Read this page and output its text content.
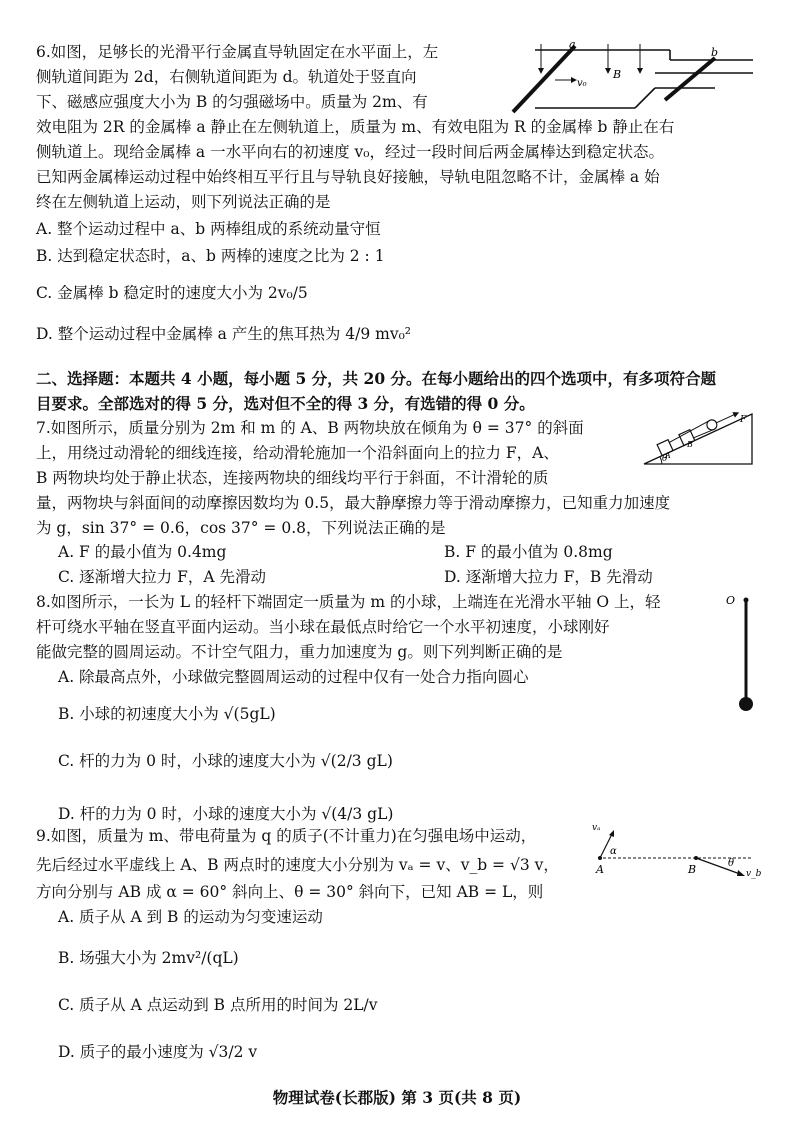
6.如图，足够长的光滑平行金属直导轨固定在水平面上，左
侧轨道间距为 2d，右侧轨道间距为 d。轨道处于竖直向
下、磁感应强度大小为 B 的匀强磁场中。质量为 2m、有
效电阻为 2R 的金属棒 a 静止在左侧轨道上，质量为 m、有效电阻为 R 的金属棒 b 静止在右
侧轨道上。现给金属棒 a 一水平向右的初速度 v₀，经过一段时间后两金属棒达到稳定状态。
已知两金属棒运动过程中始终相互平行且与导轨良好接触，导轨电阻忽略不计，金属棒 a 始
终在左侧轨道上运动，则下列说法正确的是
A. 整个运动过程中 a、b 两棒组成的系统动量守恒
B. 达到稳定状态时，a、b 两棒的速度之比为 2 : 1
C. 金属棒 b 稳定时的速度大小为 2v₀/5
D. 整个运动过程中金属棒 a 产生的焦耳热为 4/9 mv₀²
a
b
v₀
B
二、选择题：本题共 4 小题，每小题 5 分，共 20 分。在每小题给出的四个选项中，有多项符合题
目要求。全部选对的得 5 分，选对但不全的得 3 分，有选错的得 0 分。
7.如图所示，质量分别为 2m 和 m 的 A、B 两物块放在倾角为 θ = 37° 的斜面
上，用绕过动滑轮的细线连接，给动滑轮施加一个沿斜面向上的拉力 F，A、
B 两物块均处于静止状态，连接两物块的细线均平行于斜面，不计滑轮的质
量，两物块与斜面间的动摩擦因数均为 0.5，最大静摩擦力等于滑动摩擦力，已知重力加速度
为 g，sin 37° = 0.6，cos 37° = 0.8，下列说法正确的是
A. F 的最小值为 0.4mg	B. F 的最小值为 0.8mg
C. 逐渐增大拉力 F，A 先滑动	D. 逐渐增大拉力 F，B 先滑动
θ
A
B
F
8.如图所示，一长为 L 的轻杆下端固定一质量为 m 的小球，上端连在光滑水平轴 O 上，轻
杆可绕水平轴在竖直平面内运动。当小球在最低点时给它一个水平初速度，小球刚好
能做完整的圆周运动。不计空气阻力，重力加速度为 g。则下列判断正确的是
A. 除最高点外，小球做完整圆周运动的过程中仅有一处合力指向圆心
B. 小球的初速度大小为 √(5gL)
C. 杆的力为 0 时，小球的速度大小为 √(2/3 gL)
D. 杆的力为 0 时，小球的速度大小为 √(4/3 gL)
O
9.如图，质量为 m、带电荷量为 q 的质子(不计重力)在匀强电场中运动，
先后经过水平虚线上 A、B 两点时的速度大小分别为 vₐ = v、v_b = √3 v，
方向分别与 AB 成 α = 60° 斜向上、θ = 30° 斜向下，已知 AB = L，则
A. 质子从 A 到 B 的运动为匀变速运动
B. 场强大小为 2mv²/(qL)
C. 质子从 A 点运动到 B 点所用的时间为 2L/v
D. 质子的最小速度为 √3/2 v
vₐ
α
A	B	θ
v_b
物理试卷(长郡版) 第 3 页(共 8 页)
